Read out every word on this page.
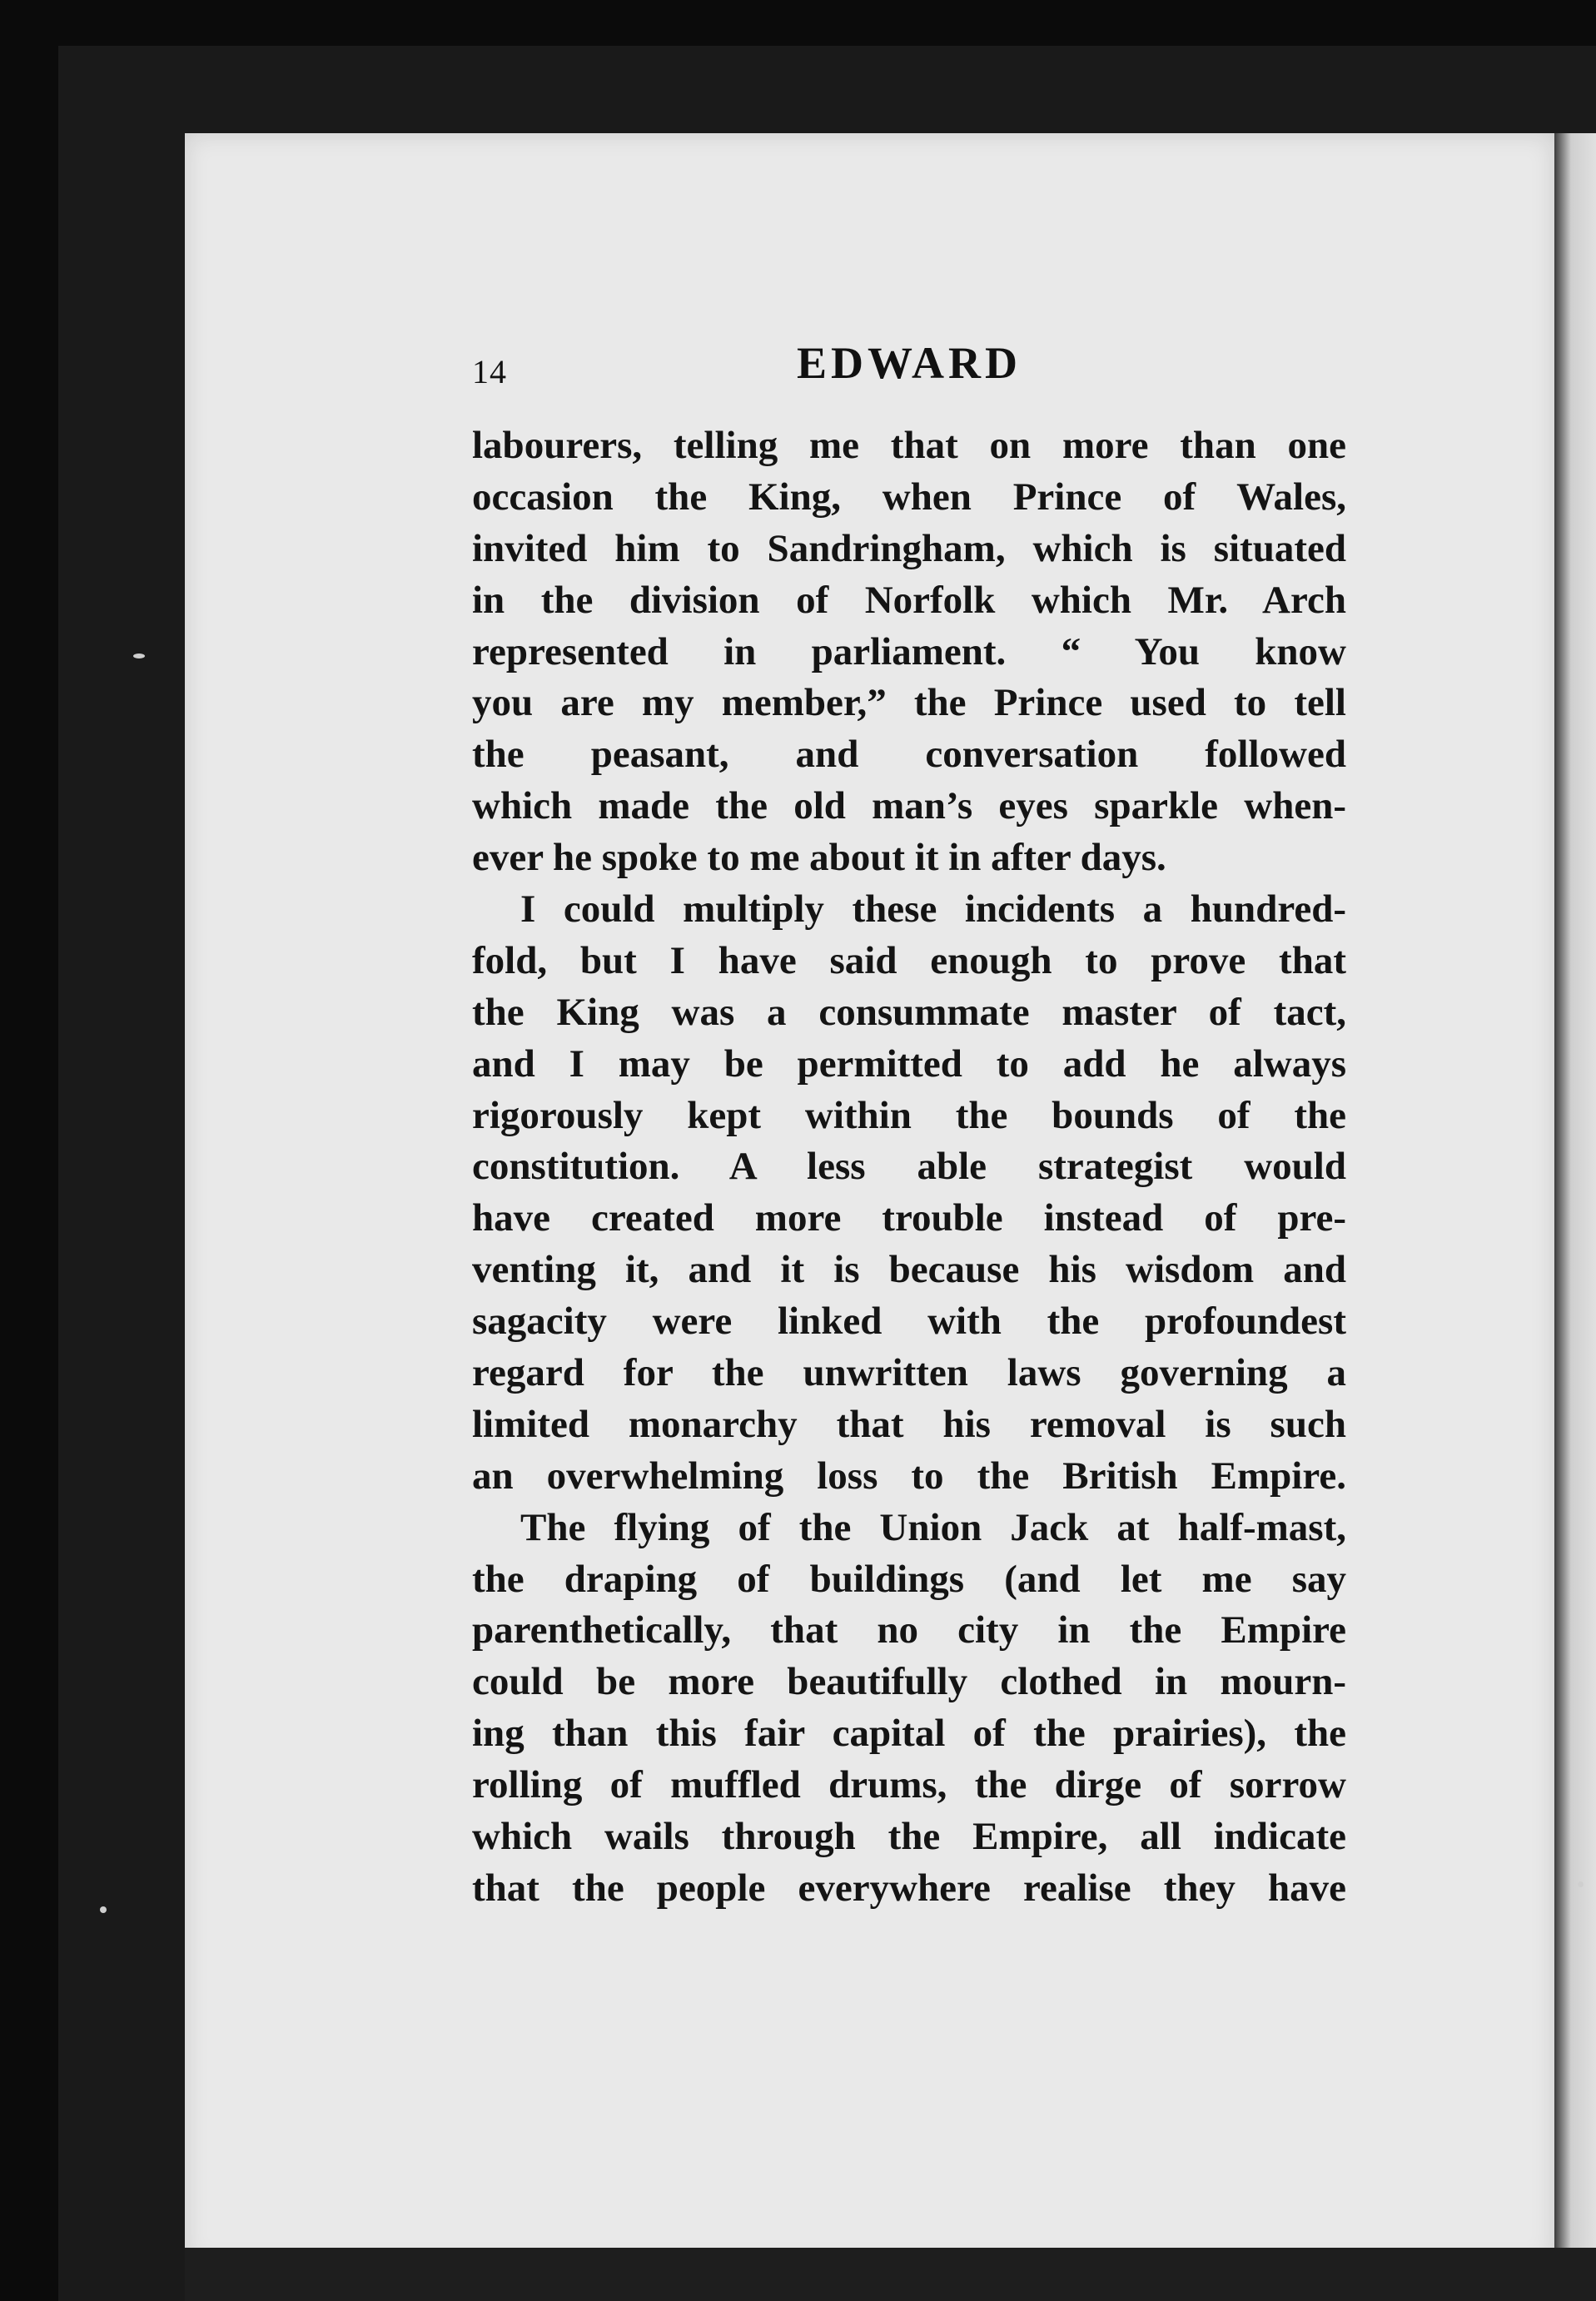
14	EDWARD
labourers, telling me that on more than one
occasion the King, when Prince of Wales,
invited him to Sandringham, which is situated
in the division of Norfolk which Mr. Arch
represented in parliament. “ You know
you are my member,” the Prince used to tell
the peasant, and conversation followed
which made the old man’s eyes sparkle when-
ever he spoke to me about it in after days.
I could multiply these incidents a hundred-
fold, but I have said enough to prove that
the King was a consummate master of tact,
and I may be permitted to add he always
rigorously kept within the bounds of the
constitution. A less able strategist would
have created more trouble instead of pre-
venting it, and it is because his wisdom and
sagacity were linked with the profoundest
regard for the unwritten laws governing a
limited monarchy that his removal is such
an overwhelming loss to the British Empire.
The flying of the Union Jack at half-mast,
the draping of buildings (and let me say
parenthetically, that no city in the Empire
could be more beautifully clothed in mourn-
ing than this fair capital of the prairies), the
rolling of muffled drums, the dirge of sorrow
which wails through the Empire, all indicate
that the people everywhere realise they have
